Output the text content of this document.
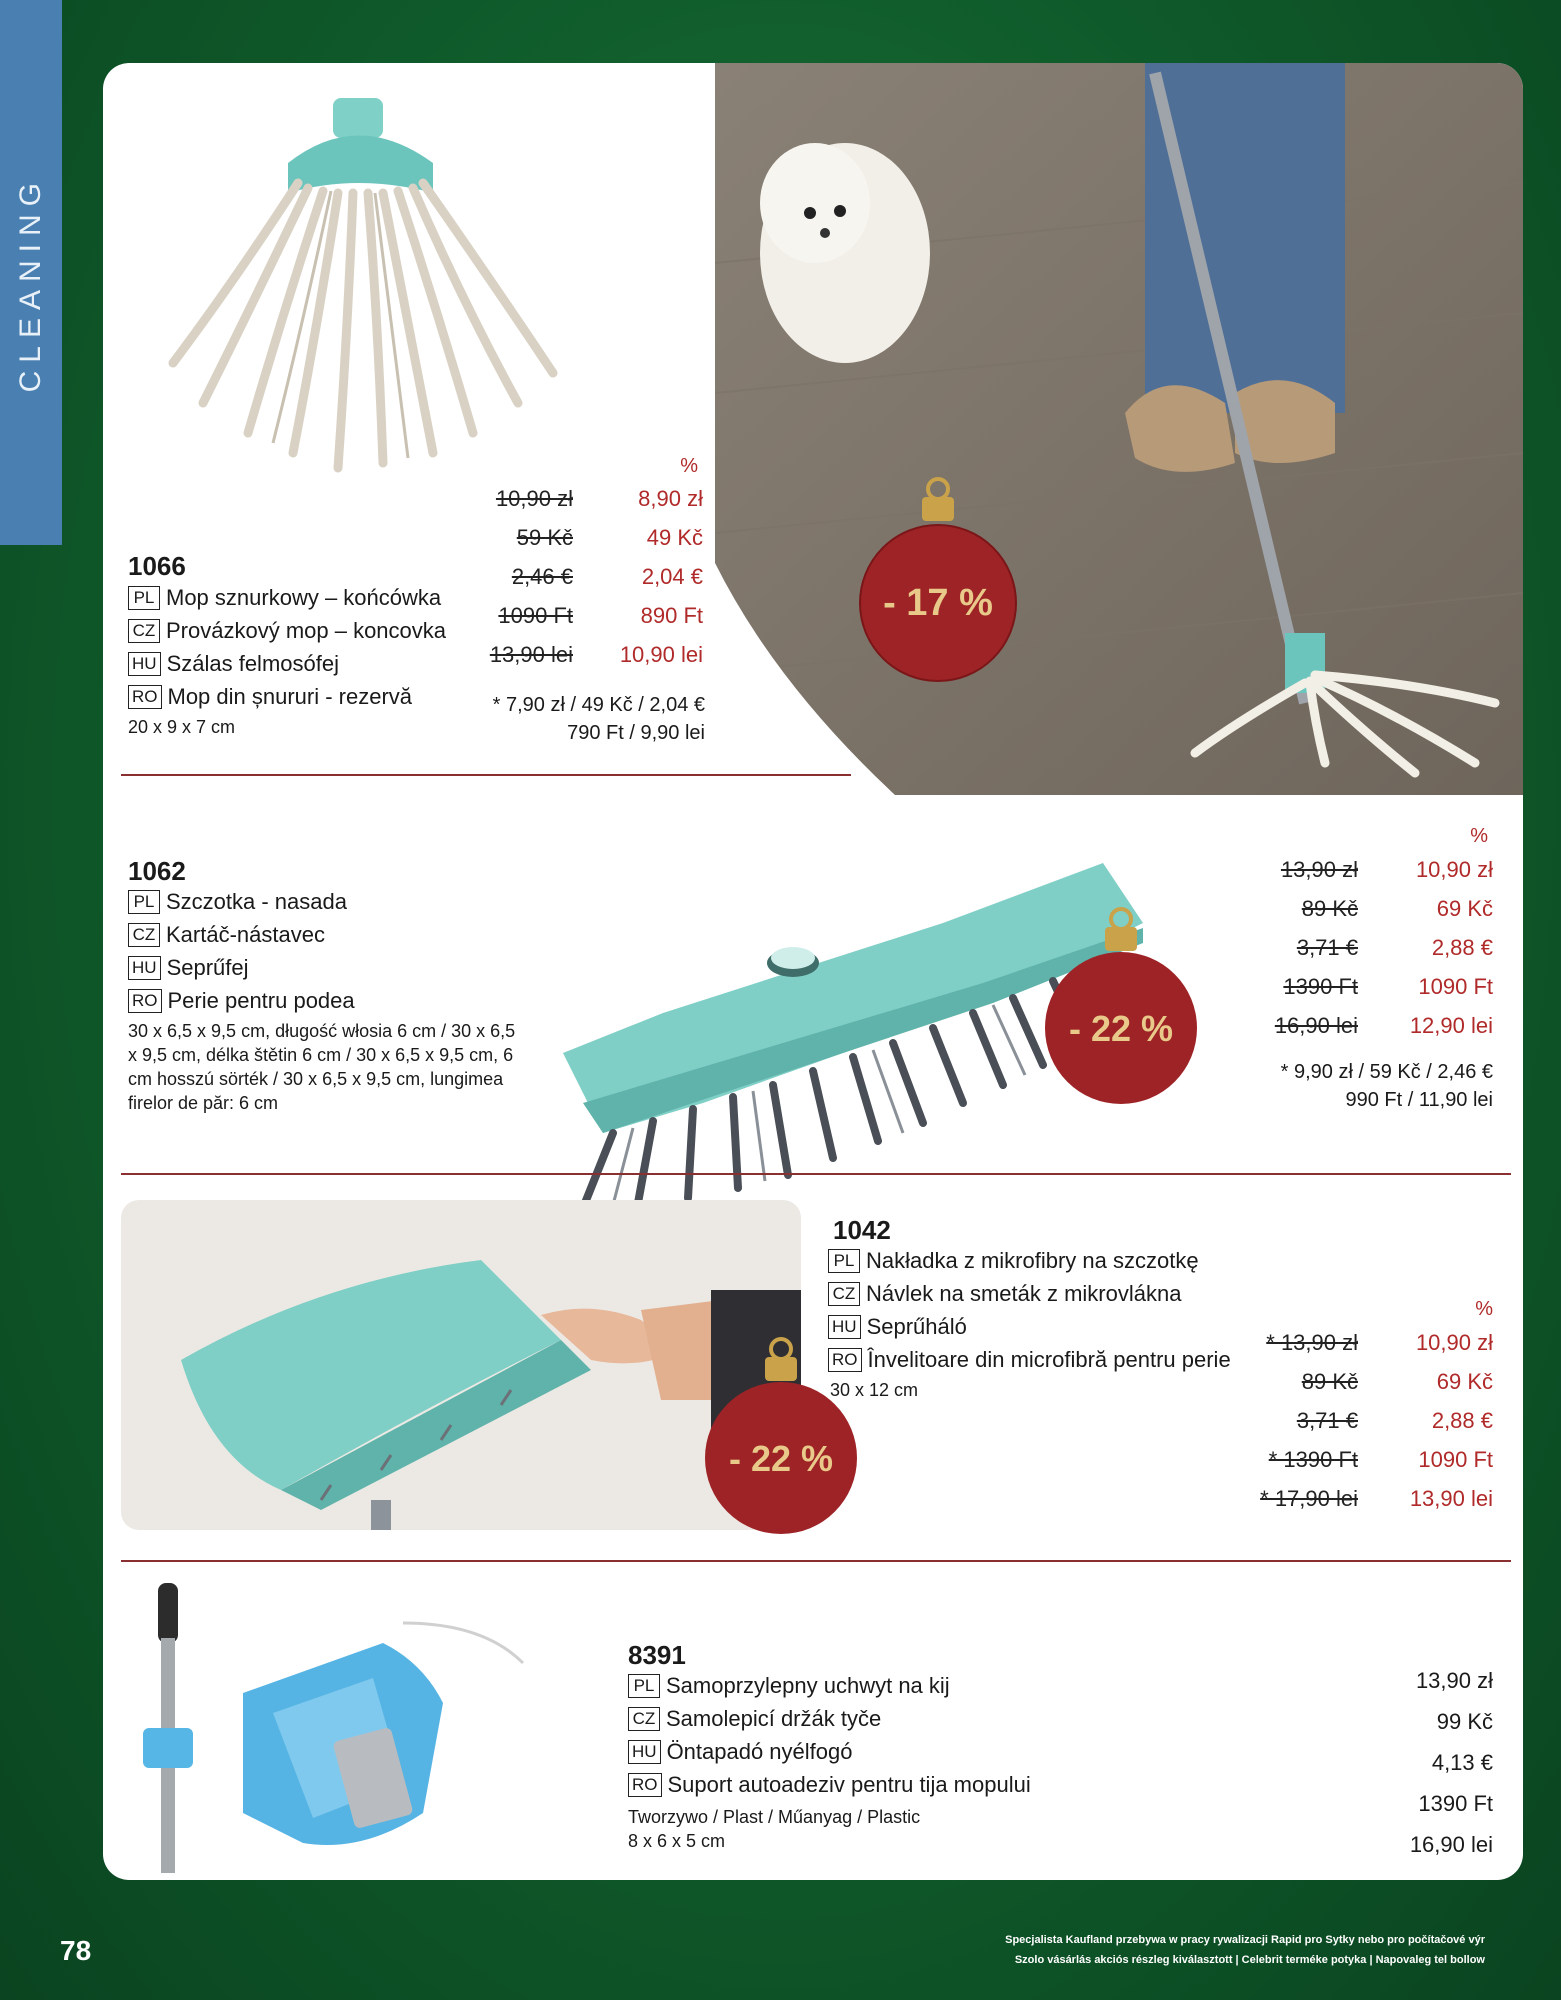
CLEANING
1066
PL Mop sznurkowy – końcówka
CZ Provázkový mop – koncovka
HU Szálas felmosófej
RO Mop din șnururi - rezervă
20 x 9 x 7 cm
%
10,90 zł	8,90 zł
59 Kč	49 Kč
2,46 €	2,04 €
1090 Ft	890 Ft
13,90 lei	10,90 lei
* 7,90 zł / 49 Kč / 2,04 €
790 Ft / 9,90 lei
- 17 %
1062
PL Szczotka - nasada
CZ Kartáč-nástavec
HU Seprűfej
RO Perie pentru podea
30 x 6,5 x 9,5 cm, długość włosia 6 cm / 30 x 6,5 x 9,5 cm, délka štětin 6 cm / 30 x 6,5 x 9,5 cm, 6 cm hosszú sörték / 30 x 6,5 x 9,5 cm, lungimea firelor de păr: 6 cm
- 22 %
%
13,90 zł	10,90 zł
89 Kč	69 Kč
3,71 €	2,88 €
1390 Ft	1090 Ft
16,90 lei	12,90 lei
* 9,90 zł / 59 Kč / 2,46 €
990 Ft / 11,90 lei
- 22 %
1042
PL Nakładka z mikrofibry na szczotkę
CZ Návlek na smeták z mikrovlákna
HU Seprűháló
RO Învelitoare din microfibră pentru perie
30 x 12 cm
%
* 13,90 zł	10,90 zł
89 Kč	69 Kč
3,71 €	2,88 €
* 1390 Ft	1090 Ft
* 17,90 lei	13,90 lei
8391
PL Samoprzylepny uchwyt na kij
CZ Samolepicí držák tyče
HU Öntapadó nyélfogó
RO Suport autoadeziv pentru tija mopului
Tworzywo / Plast / Műanyag / Plastic
8 x 6 x 5 cm
13,90 zł
99 Kč
4,13 €
1390 Ft
16,90 lei
78	Specjalista Kaufland przebywa w pracy rywalizacji Rapid pro Sytky nebo pro počítačové výr
Szolo vásárlás akciós részleg kiválasztott | Celebrit terméke potyka | Napovaleg tel bollow
